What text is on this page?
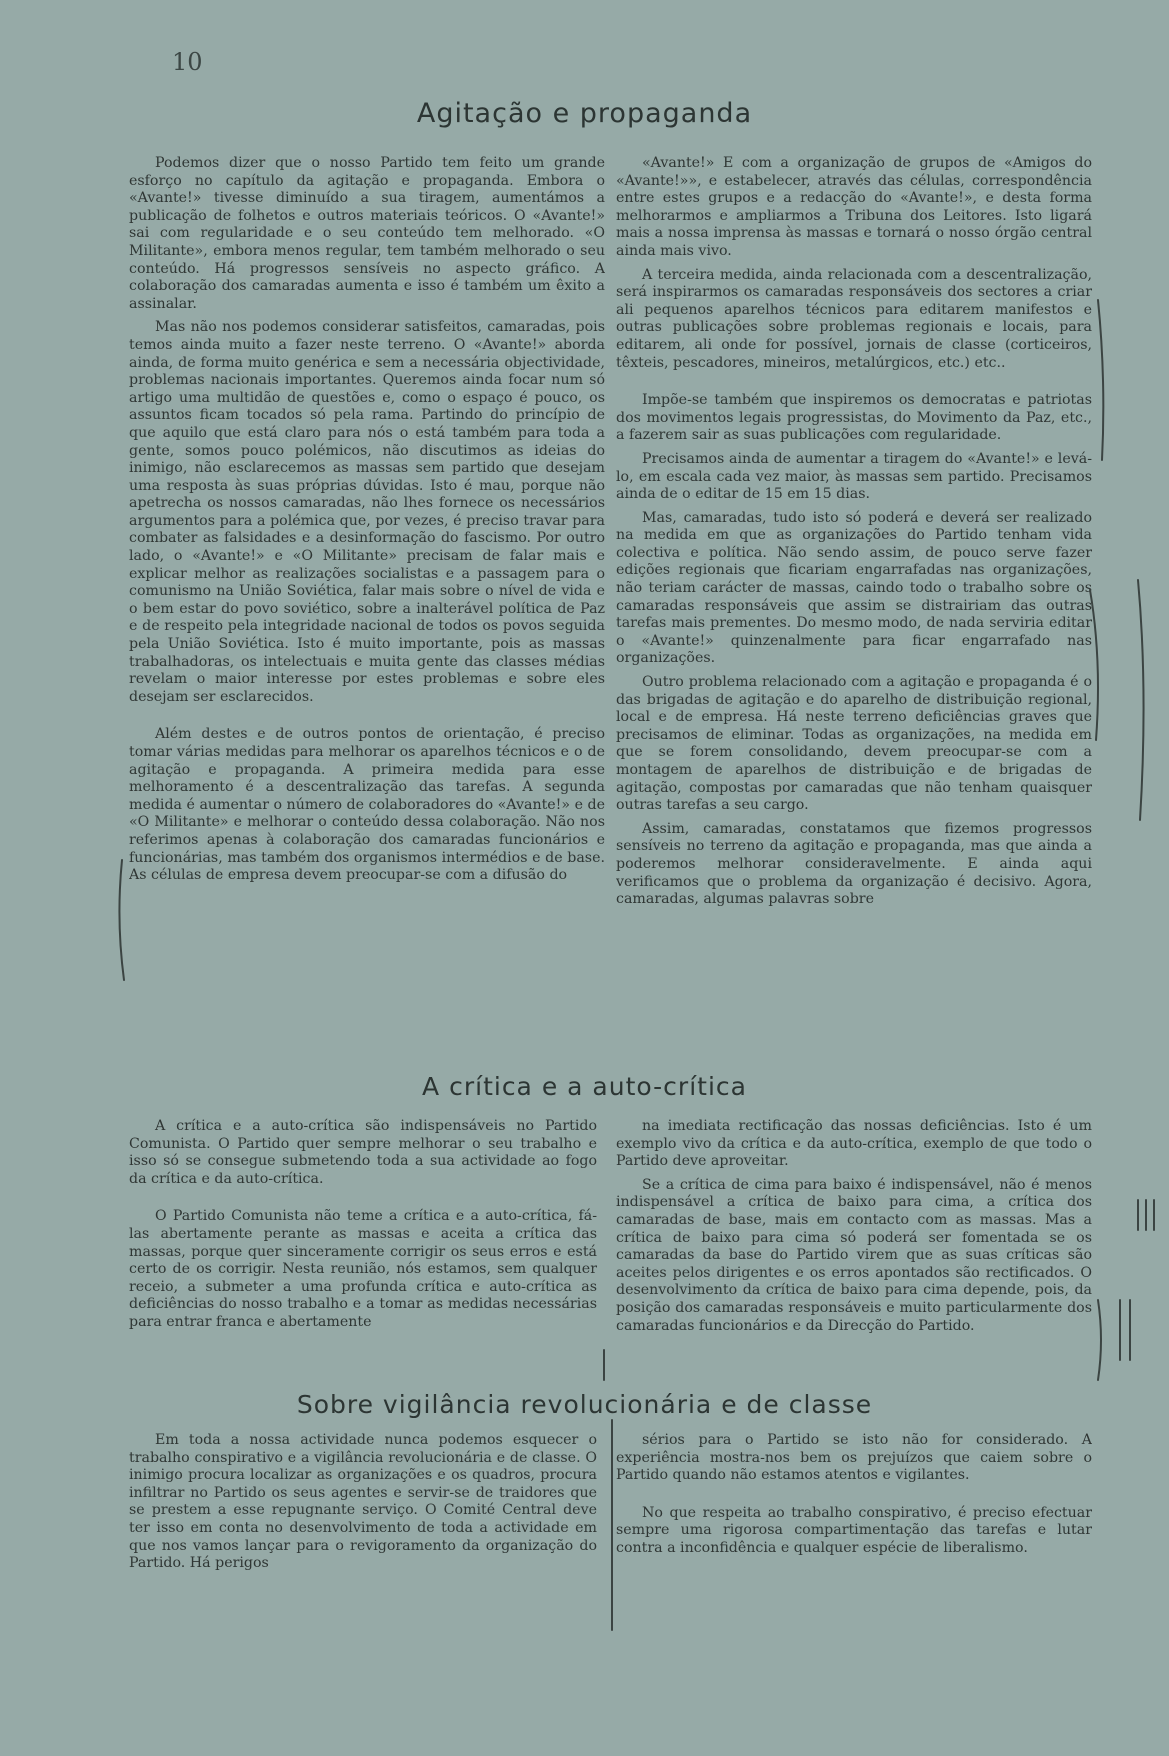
10
Agitação e propaganda

Podemos dizer que o nosso Partido tem feito um grande esforço no capítulo da agitação e propaganda. Embora o «Avante!» tivesse diminuído a sua tiragem, aumentámos a publicação de folhetos e outros materiais teóricos. O «Avante!» sai com regularidade e o seu conteúdo tem melhorado. «O Militante», embora menos regular, tem também melhorado o seu conteúdo. Há progressos sensíveis no aspecto gráfico. A colaboração dos camaradas aumenta e isso é também um êxito a assinalar.

Mas não nos podemos considerar satisfeitos, camaradas, pois temos ainda muito a fazer neste terreno. O «Avante!» aborda ainda, de forma muito genérica e sem a necessária objectividade, problemas nacionais importantes. Queremos ainda focar num só artigo uma multidão de questões e, como o espaço é pouco, os assuntos ficam tocados só pela rama. Partindo do princípio de que aquilo que está claro para nós o está também para toda a gente, somos pouco polémicos, não discutimos as ideias do inimigo, não esclarecemos as massas sem partido que desejam uma resposta às suas próprias dúvidas. Isto é mau, porque não apetrecha os nossos camaradas, não lhes fornece os necessários argumentos para a polémica que, por vezes, é preciso travar para combater as falsidades e a desinformação do fascismo. Por outro lado, o «Avante!» e «O Militante» precisam de falar mais e explicar melhor as realizações socialistas e a passagem para o comunismo na União Soviética, falar mais sobre o nível de vida e o bem estar do povo soviético, sobre a inalterável política de Paz e de respeito pela integridade nacional de todos os povos seguida pela União Soviética. Isto é muito importante, pois as massas trabalhadoras, os intelectuais e muita gente das classes médias revelam o maior interesse por estes problemas e sobre eles desejam ser esclarecidos.

Além destes e de outros pontos de orientação, é preciso tomar várias medidas para melhorar os aparelhos técnicos e o de agitação e propaganda. A primeira medida para esse melhoramento é a descentralização das tarefas. A segunda medida é aumentar o número de colaboradores do «Avante!» e de «O Militante» e melhorar o conteúdo dessa colaboração. Não nos referimos apenas à colaboração dos camaradas funcionários e funcionárias, mas também dos organismos intermédios e de base. As células de empresa devem preocupar-se com a difusão do

«Avante!» E com a organização de grupos de «Amigos do «Avante!»», e estabelecer, através das células, correspondência entre estes grupos e a redacção do «Avante!», e desta forma melhorarmos e ampliarmos a Tribuna dos Leitores. Isto ligará mais a nossa imprensa às massas e tornará o nosso órgão central ainda mais vivo.

A terceira medida, ainda relacionada com a descentralização, será inspirarmos os camaradas responsáveis dos sectores a criar ali pequenos aparelhos técnicos para editarem manifestos e outras publicações sobre problemas regionais e locais, para editarem, ali onde for possível, jornais de classe (corticeiros, têxteis, pescadores, mineiros, metalúrgicos, etc.) etc..

Impõe-se também que inspiremos os democratas e patriotas dos movimentos legais progressistas, do Movimento da Paz, etc., a fazerem sair as suas publicações com regularidade.

Precisamos ainda de aumentar a tiragem do «Avante!» e levá-lo, em escala cada vez maior, às massas sem partido. Precisamos ainda de o editar de 15 em 15 dias.

Mas, camaradas, tudo isto só poderá e deverá ser realizado na medida em que as organizações do Partido tenham vida colectiva e política. Não sendo assim, de pouco serve fazer edições regionais que ficariam engarrafadas nas organizações, não teriam carácter de massas, caindo todo o trabalho sobre os camaradas responsáveis que assim se distrairiam das outras tarefas mais prementes. Do mesmo modo, de nada serviria editar o «Avante!» quinzenalmente para ficar engarrafado nas organizações.

Outro problema relacionado com a agitação e propaganda é o das brigadas de agitação e do aparelho de distribuição regional, local e de empresa. Há neste terreno deficiências graves que precisamos de eliminar. Todas as organizações, na medida em que se forem consolidando, devem preocupar-se com a montagem de aparelhos de distribuição e de brigadas de agitação, compostas por camaradas que não tenham quaisquer outras tarefas a seu cargo.

Assim, camaradas, constatamos que fizemos progressos sensíveis no terreno da agitação e propaganda, mas que ainda a poderemos melhorar consideravelmente. E ainda aqui verificamos que o problema da organização é decisivo. Agora, camaradas, algumas palavras sobre

A crítica e a auto-crítica

A crítica e a auto-crítica são indispensáveis no Partido Comunista. O Partido quer sempre melhorar o seu trabalho e isso só se consegue submetendo toda a sua actividade ao fogo da crítica e da auto-crítica.

O Partido Comunista não teme a crítica e a auto-crítica, fá-las abertamente perante as massas e aceita a crítica das massas, porque quer sinceramente corrigir os seus erros e está certo de os corrigir. Nesta reunião, nós estamos, sem qualquer receio, a submeter a uma profunda crítica e auto-crítica as deficiências do nosso trabalho e a tomar as medidas necessárias para entrar franca e abertamente

na imediata rectificação das nossas deficiências. Isto é um exemplo vivo da crítica e da auto-crítica, exemplo de que todo o Partido deve aproveitar.

Se a crítica de cima para baixo é indispensável, não é menos indispensável a crítica de baixo para cima, a crítica dos camaradas de base, mais em contacto com as massas. Mas a crítica de baixo para cima só poderá ser fomentada se os camaradas da base do Partido virem que as suas críticas são aceites pelos dirigentes e os erros apontados são rectificados. O desenvolvimento da crítica de baixo para cima depende, pois, da posição dos camaradas responsáveis e muito particularmente dos camaradas funcionários e da Direcção do Partido.

Sobre vigilância revolucionária e de classe

Em toda a nossa actividade nunca podemos esquecer o trabalho conspirativo e a vigilância revolucionária e de classe. O inimigo procura localizar as organizações e os quadros, procura infiltrar no Partido os seus agentes e servir-se de traidores que se prestem a esse repugnante serviço. O Comité Central deve ter isso em conta no desenvolvimento de toda a actividade em que nos vamos lançar para o revigoramento da organização do Partido. Há perigos

sérios para o Partido se isto não for considerado. A experiência mostra-nos bem os prejuízos que caiem sobre o Partido quando não estamos atentos e vigilantes.

No que respeita ao trabalho conspirativo, é preciso efectuar sempre uma rigorosa compartimentação das tarefas e lutar contra a inconfidência e qualquer espécie de liberalismo.
